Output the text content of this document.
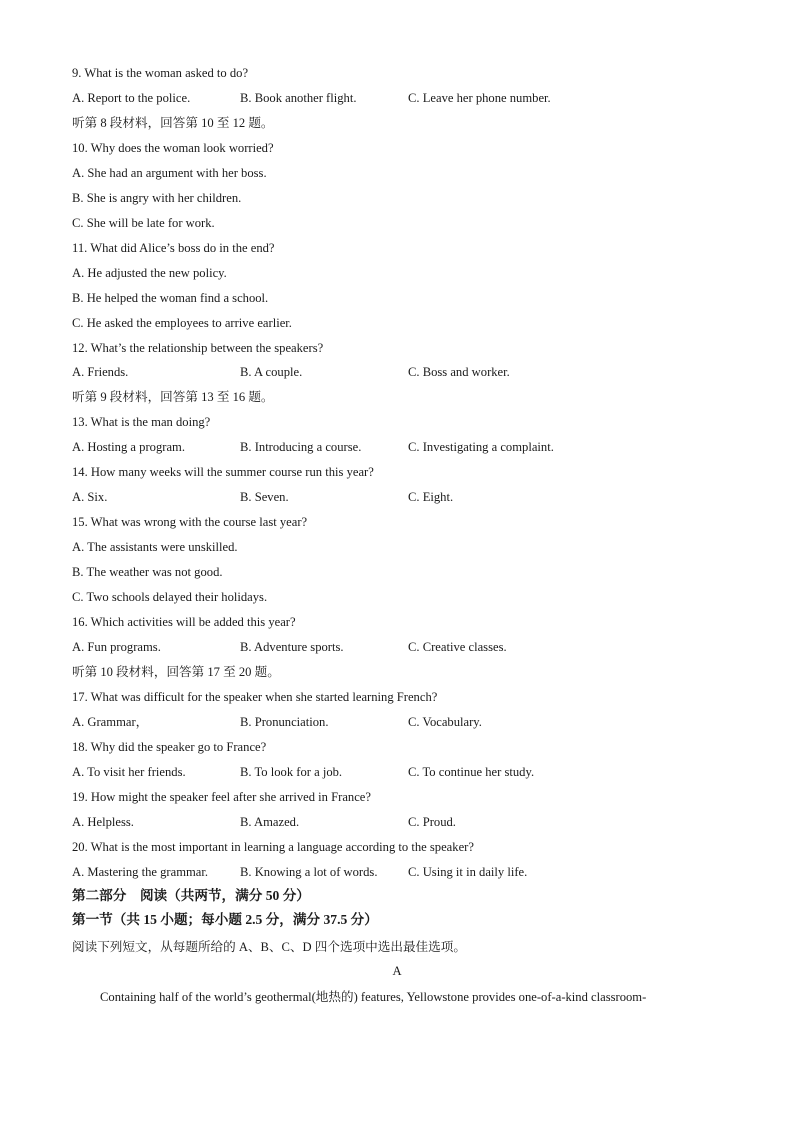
9. What is the woman asked to do?
A. Report to the police.	B. Book another flight.	C. Leave her phone number.
听第 8 段材料，回答第 10 至 12 题。
10. Why does the woman look worried?
A. She had an argument with her boss.
B. She is angry with her children.
C. She will be late for work.
11. What did Alice’s boss do in the end?
A. He adjusted the new policy.
B. He helped the woman find a school.
C. He asked the employees to arrive earlier.
12. What’s the relationship between the speakers?
A. Friends.	B. A couple.	C. Boss and worker.
听第 9 段材料，回答第 13 至 16 题。
13. What is the man doing?
A. Hosting a program.	B. Introducing a course.	C. Investigating a complaint.
14. How many weeks will the summer course run this year?
A. Six.	B. Seven.	C. Eight.
15. What was wrong with the course last year?
A. The assistants were unskilled.
B. The weather was not good.
C. Two schools delayed their holidays.
16. Which activities will be added this year?
A. Fun programs.	B. Adventure sports.	C. Creative classes.
听第 10 段材料，回答第 17 至 20 题。
17. What was difficult for the speaker when she started learning French?
A. Grammar，	B. Pronunciation.	C. Vocabulary.
18. Why did the speaker go to France?
A. To visit her friends.	B. To look for a job.	C. To continue her study.
19. How might the speaker feel after she arrived in France?
A. Helpless.	B. Amazed.	C. Proud.
20. What is the most important in learning a language according to the speaker?
A. Mastering the grammar.	B. Knowing a lot of words. C. Using it in daily life.
第二部分　阅读（共两节，满分 50 分）
第一节（共 15 小题；每小题 2.5 分，满分 37.5 分）
阅读下列短文，从每题所给的 A、B、C、D 四个选项中选出最佳选项。
A
Containing half of the world’s geothermal(地热的) features, Yellowstone provides one-of-a-kind classroom-
